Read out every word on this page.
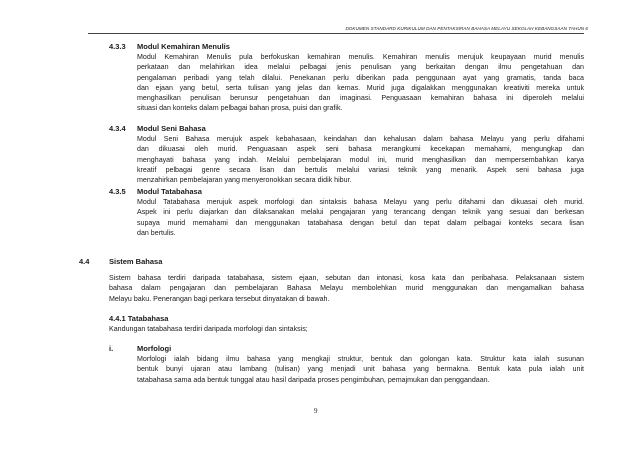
DOKUMEN STANDARD KURIKULUM DAN PENTAKSIRAN BAHASA MELAYU SEKOLAH KEBANGSAAN TAHUN 6
4.3.3 Modul Kemahiran Menulis
Modul Kemahiran Menulis pula berfokuskan kemahiran menulis. Kemahiran menulis merujuk keupayaan murid menulis
perkataan dan melahirkan idea melalui pelbagai jenis penulisan yang berkaitan dengan ilmu pengetahuan dan
pengalaman peribadi yang telah dilalui. Penekanan perlu diberikan pada penggunaan ayat yang gramatis, tanda baca
dan ejaan yang betul, serta tulisan yang jelas dan kemas. Murid juga digalakkan menggunakan kreativiti mereka untuk
menghasilkan penulisan berunsur pengetahuan dan imaginasi. Penguasaan kemahiran bahasa ini diperoleh melalui
situasi dan konteks dalam pelbagai bahan prosa, puisi dan grafik.
4.3.4 Modul Seni Bahasa
Modul Seni Bahasa merujuk aspek kebahasaan, keindahan dan kehalusan dalam bahasa Melayu yang perlu difahami
dan dikuasai oleh murid. Penguasaan aspek seni bahasa merangkumi kecekapan memahami, mengungkap dan
menghayati bahasa yang indah. Melalui pembelajaran modul ini, murid menghasilkan dan mempersembahkan karya
kreatif pelbagai genre secara lisan dan bertulis melalui variasi teknik yang menarik. Aspek seni bahasa juga
menzahirkan pembelajaran yang menyeronokkan secara didik hibur.
4.3.5 Modul Tatabahasa
Modul Tatabahasa merujuk aspek morfologi dan sintaksis bahasa Melayu yang perlu difahami dan dikuasai oleh murid.
Aspek ini perlu diajarkan dan dilaksanakan melalui pengajaran yang terancang dengan teknik yang sesuai dan berkesan
supaya murid memahami dan menggunakan tatabahasa dengan betul dan tepat dalam pelbagai konteks secara lisan
dan bertulis.
4.4	Sistem Bahasa
Sistem bahasa terdiri daripada tatabahasa, sistem ejaan, sebutan dan intonasi, kosa kata dan peribahasa. Pelaksanaan sistem
bahasa dalam pengajaran dan pembelajaran Bahasa Melayu membolehkan murid menggunakan dan mengamalkan bahasa
Melayu baku. Penerangan bagi perkara tersebut dinyatakan di bawah.
4.4.1 Tatabahasa
Kandungan tatabahasa terdiri daripada morfologi dan sintaksis;
i.	Morfologi
Morfologi ialah bidang ilmu bahasa yang mengkaji struktur, bentuk dan golongan kata. Struktur kata ialah susunan
bentuk bunyi ujaran atau lambang (tulisan) yang menjadi unit bahasa yang bermakna. Bentuk kata pula ialah unit
tatabahasa sama ada bentuk tunggal atau hasil daripada proses pengimbuhan, pemajmukan dan penggandaan.
9
